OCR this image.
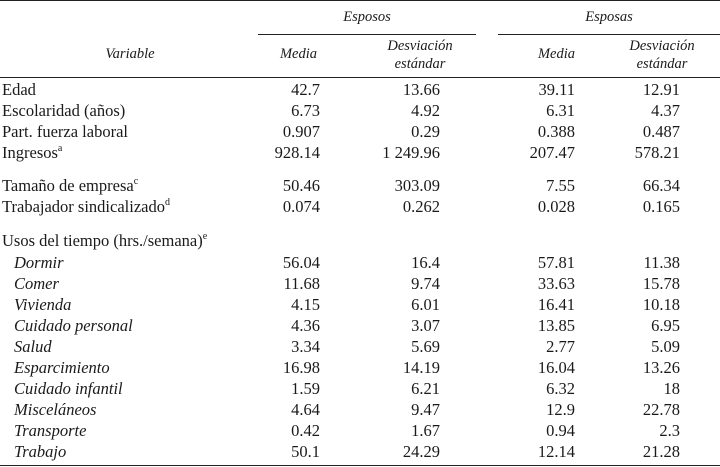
Esposos	Esposas
Variable	Media	Desviación
estándar
Media	Desviación
estándar
Edad	42.7	13.66	39.11	12.91
Escolaridad (años)	6.73	4.92	6.31	4.37
Part. fuerza laboral	0.907	0.29	0.388	0.487
Ingresos$^a$	928.14	1 249.96	207.47	578.21
Tamaño de empresa$^c$	50.46	303.09	7.55	66.34
Trabajador sindicalizado$^d$	0.074	0.262	0.028	0.165
Usos del tiempo (hrs./semana)$^e$
Dormir	56.04	16.4	57.81	11.38
Comer	11.68	9.74	33.63	15.78
Vivienda	4.15	6.01	16.41	10.18
Cuidado personal	4.36	3.07	13.85	6.95
Salud	3.34	5.69	2.77	5.09
Esparcimiento	16.98	14.19	16.04	13.26
Cuidado infantil	1.59	6.21	6.32	18
Misceláneos	4.64	9.47	12.9	22.78
Transporte	0.42	1.67	0.94	2.3
Trabajo	50.1	24.29	12.14	21.28
